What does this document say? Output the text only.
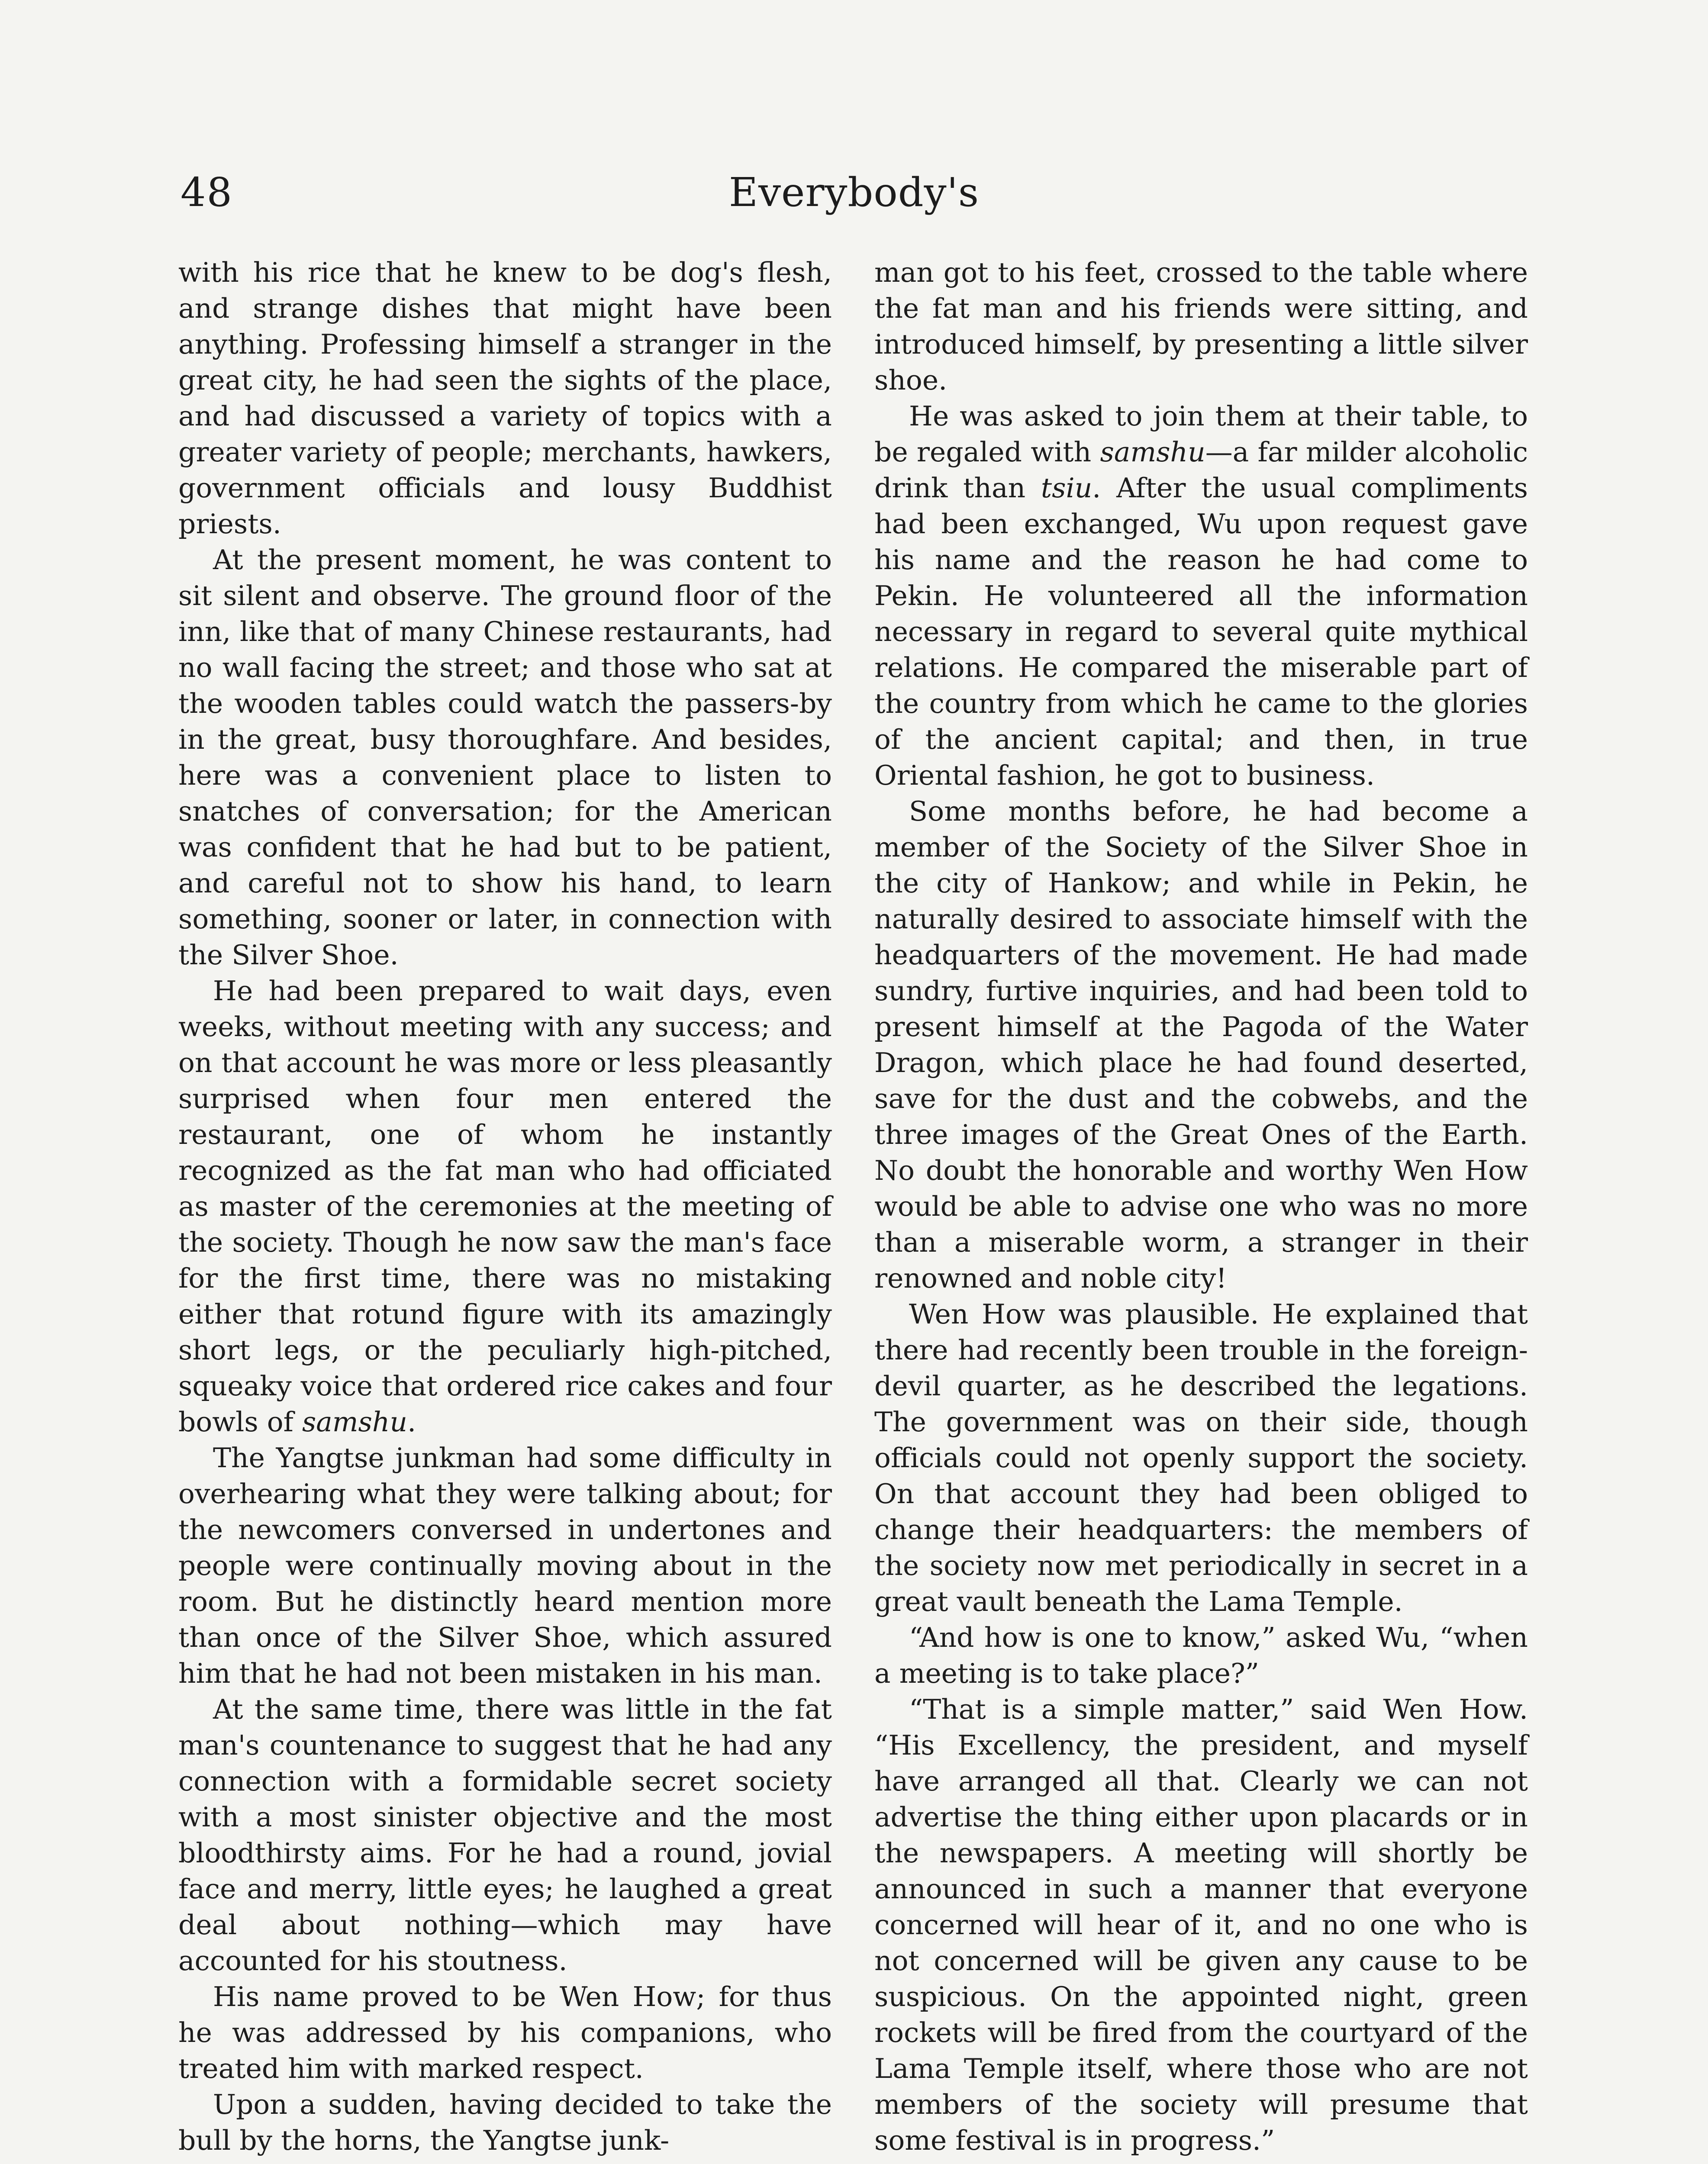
48	Everybody's

with his rice that he knew to be dog's flesh, and strange dishes that might have been anything. Professing himself a stranger in the great city, he had seen the sights of the place, and had discussed a variety of topics with a greater variety of people; merchants, hawkers, government officials and lousy Buddhist priests.

At the present moment, he was content to sit silent and observe. The ground floor of the inn, like that of many Chinese restaurants, had no wall facing the street; and those who sat at the wooden tables could watch the passers-by in the great, busy thoroughfare. And besides, here was a convenient place to listen to snatches of conversation; for the American was confident that he had but to be patient, and careful not to show his hand, to learn something, sooner or later, in connection with the Silver Shoe.

He had been prepared to wait days, even weeks, without meeting with any success; and on that account he was more or less pleasantly surprised when four men entered the restaurant, one of whom he instantly recognized as the fat man who had officiated as master of the ceremonies at the meeting of the society. Though he now saw the man's face for the first time, there was no mistaking either that rotund figure with its amazingly short legs, or the peculiarly high-pitched, squeaky voice that ordered rice cakes and four bowls of samshu.

The Yangtse junkman had some difficulty in overhearing what they were talking about; for the newcomers conversed in undertones and people were continually moving about in the room. But he distinctly heard mention more than once of the Silver Shoe, which assured him that he had not been mistaken in his man.

At the same time, there was little in the fat man's countenance to suggest that he had any connection with a formidable secret society with a most sinister objective and the most bloodthirsty aims. For he had a round, jovial face and merry, little eyes; he laughed a great deal about nothing—which may have accounted for his stoutness.

His name proved to be Wen How; for thus he was addressed by his companions, who treated him with marked respect.

Upon a sudden, having decided to take the bull by the horns, the Yangtse junk-

man got to his feet, crossed to the table where the fat man and his friends were sitting, and introduced himself, by presenting a little silver shoe.

He was asked to join them at their table, to be regaled with samshu—a far milder alcoholic drink than tsiu. After the usual compliments had been exchanged, Wu upon request gave his name and the reason he had come to Pekin. He volunteered all the information necessary in regard to several quite mythical relations. He compared the miserable part of the country from which he came to the glories of the ancient capital; and then, in true Oriental fashion, he got to business.

Some months before, he had become a member of the Society of the Silver Shoe in the city of Hankow; and while in Pekin, he naturally desired to associate himself with the headquarters of the movement. He had made sundry, furtive inquiries, and had been told to present himself at the Pagoda of the Water Dragon, which place he had found deserted, save for the dust and the cobwebs, and the three images of the Great Ones of the Earth. No doubt the honorable and worthy Wen How would be able to advise one who was no more than a miserable worm, a stranger in their renowned and noble city!

Wen How was plausible. He explained that there had recently been trouble in the foreign-devil quarter, as he described the legations. The government was on their side, though officials could not openly support the society. On that account they had been obliged to change their headquarters: the members of the society now met periodically in secret in a great vault beneath the Lama Temple.

“And how is one to know,” asked Wu, “when a meeting is to take place?”

“That is a simple matter,” said Wen How. “His Excellency, the president, and myself have arranged all that. Clearly we can not advertise the thing either upon placards or in the newspapers. A meeting will shortly be announced in such a manner that everyone concerned will hear of it, and no one who is not concerned will be given any cause to be suspicious. On the appointed night, green rockets will be fired from the courtyard of the Lama Temple itself, where those who are not members of the society will presume that some festival is in progress.”
